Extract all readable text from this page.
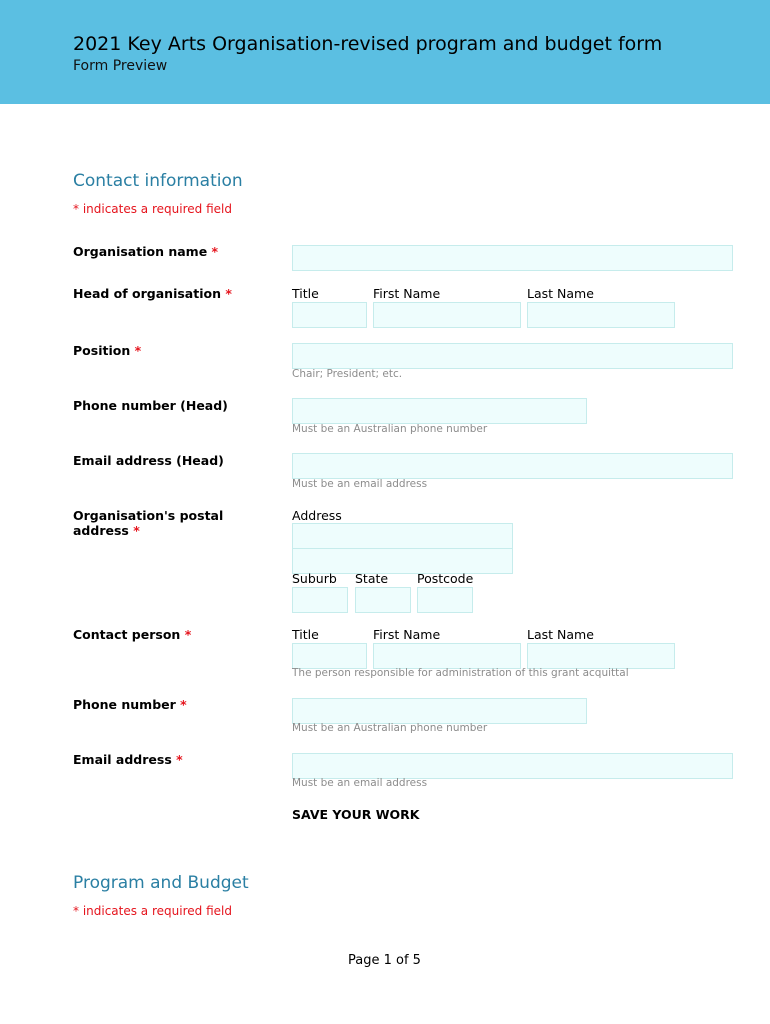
2021 Key Arts Organisation-revised program and budget form
Form Preview
Contact information
* indicates a required field
Organisation name *
Head of organisation *	Title	First Name	Last Name
Position *
Chair; President; etc.
Phone number (Head)
Must be an Australian phone number
Email address (Head)
Must be an email address
Organisation's postal
address *
Address
Suburb State Postcode
Contact person *	Title	First Name	Last Name
The person responsible for administration of this grant acquittal
Phone number *
Must be an Australian phone number
Email address *
Must be an email address
SAVE YOUR WORK
Program and Budget
* indicates a required field
Page 1 of 5
